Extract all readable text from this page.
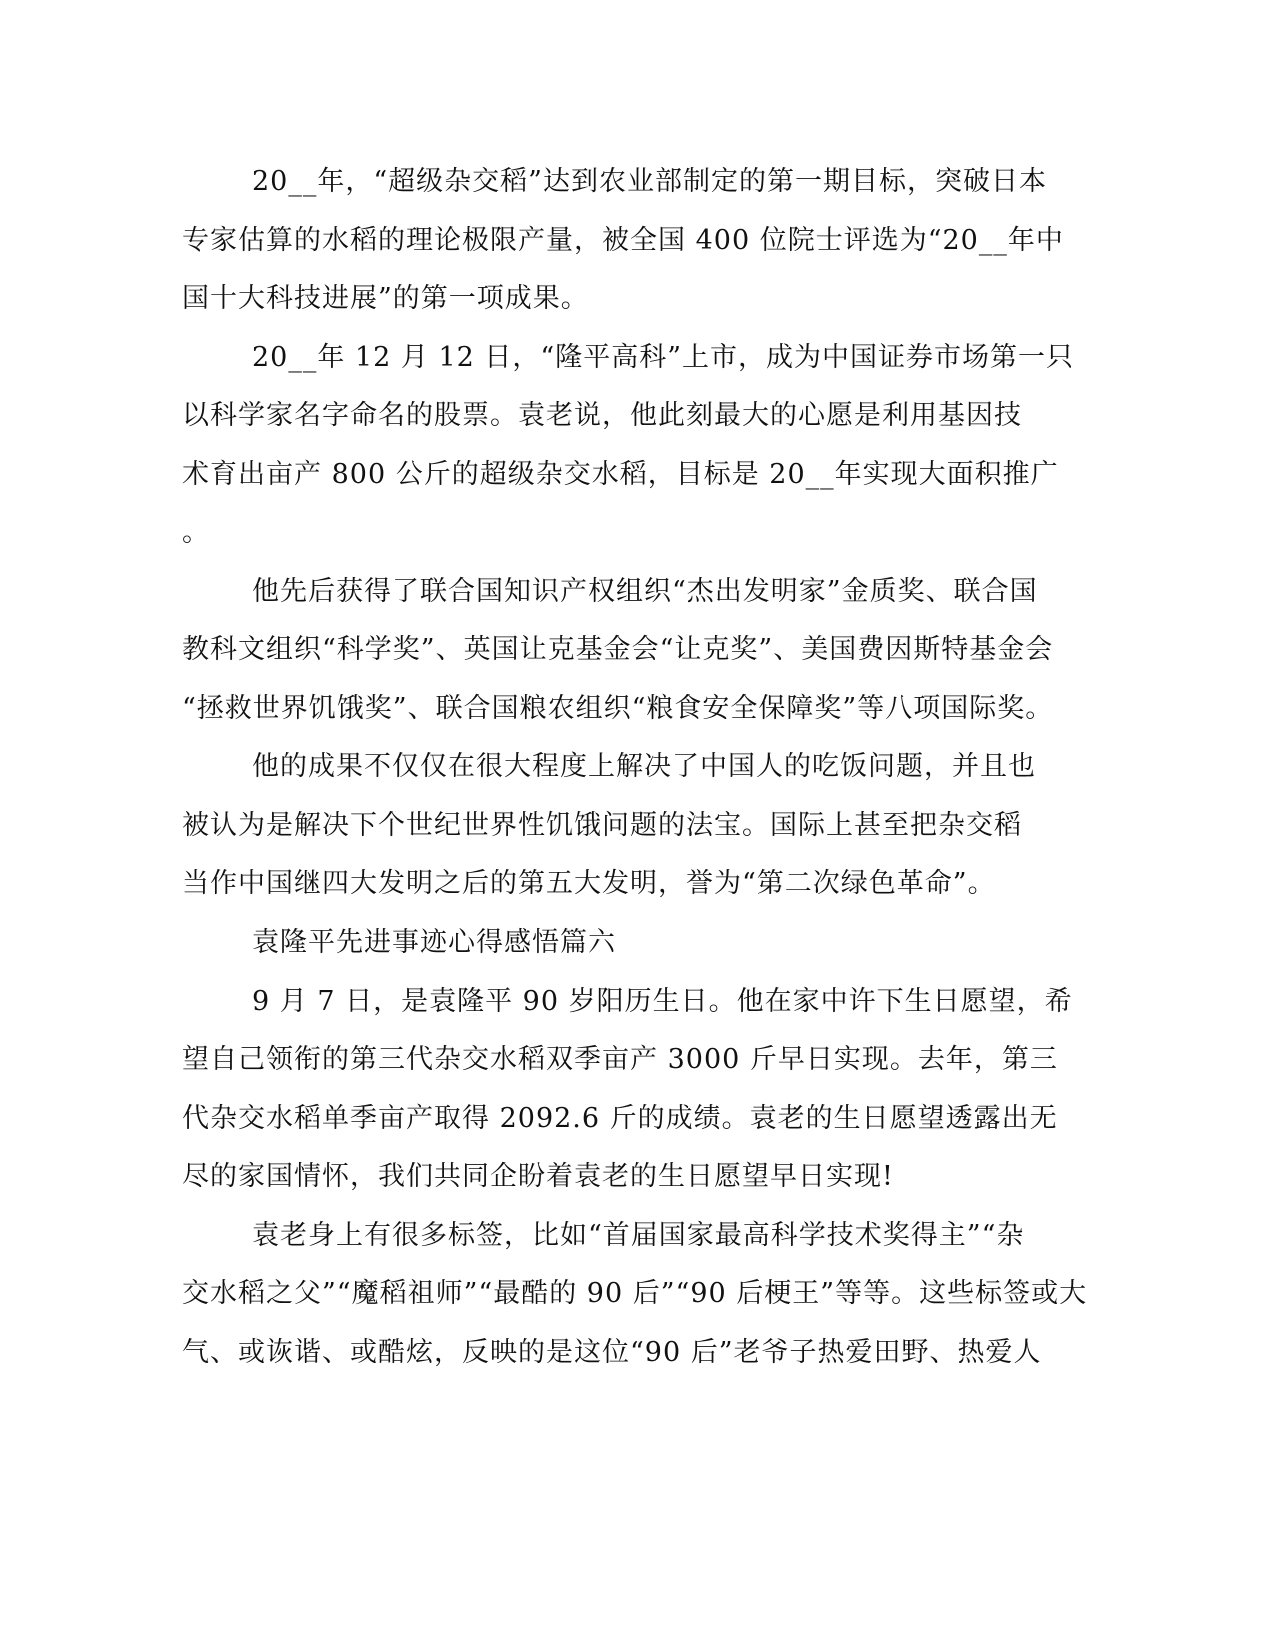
20__年，“超级杂交稻”达到农业部制定的第一期目标，突破日本
专家估算的水稻的理论极限产量，被全国 400 位院士评选为“20__年中
国十大科技进展”的第一项成果。
20__年 12 月 12 日，“隆平高科”上市，成为中国证券市场第一只
以科学家名字命名的股票。袁老说，他此刻最大的心愿是利用基因技
术育出亩产 800 公斤的超级杂交水稻，目标是 20__年实现大面积推广
。
他先后获得了联合国知识产权组织“杰出发明家”金质奖、联合国
教科文组织“科学奖”、英国让克基金会“让克奖”、美国费因斯特基金会
“拯救世界饥饿奖”、联合国粮农组织“粮食安全保障奖”等八项国际奖。
他的成果不仅仅在很大程度上解决了中国人的吃饭问题，并且也
被认为是解决下个世纪世界性饥饿问题的法宝。国际上甚至把杂交稻
当作中国继四大发明之后的第五大发明，誉为“第二次绿色革命”。
袁隆平先进事迹心得感悟篇六
9 月 7 日，是袁隆平 90 岁阳历生日。他在家中许下生日愿望，希
望自己领衔的第三代杂交水稻双季亩产 3000 斤早日实现。去年，第三
代杂交水稻单季亩产取得 2092.6 斤的成绩。袁老的生日愿望透露出无
尽的家国情怀，我们共同企盼着袁老的生日愿望早日实现!
袁老身上有很多标签，比如“首届国家最高科学技术奖得主”“杂
交水稻之父”“魔稻祖师”“最酷的 90 后”“90 后梗王”等等。这些标签或大
气、或诙谐、或酷炫，反映的是这位“90 后”老爷子热爱田野、热爱人
